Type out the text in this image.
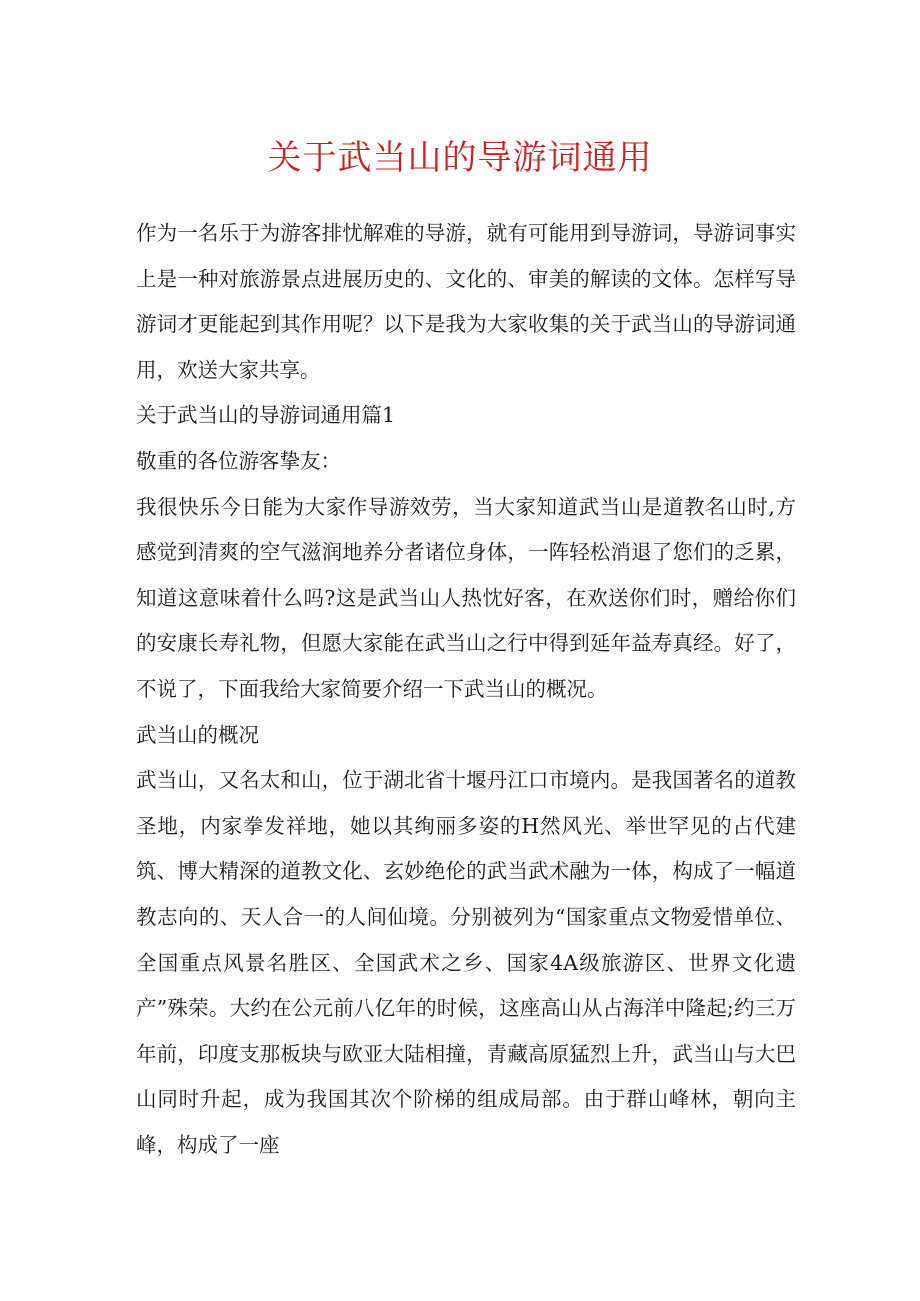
关于武当山的导游词通用

作为一名乐于为游客排忧解难的导游，就有可能用到导游词，导游词事实上是一种对旅游景点进展历史的、文化的、审美的解读的文体。怎样写导游词才更能起到其作用呢？以下是我为大家收集的关于武当山的导游词通用，欢送大家共享。

关于武当山的导游词通用篇1

敬重的各位游客挚友：

我很快乐今日能为大家作导游效劳，当大家知道武当山是道教名山时,方感觉到清爽的空气滋润地养分者诸位身体，一阵轻松消退了您们的乏累，知道这意味着什么吗?这是武当山人热忱好客，在欢送你们时，赠给你们的安康长寿礼物，但愿大家能在武当山之行中得到延年益寿真经。好了，不说了，下面我给大家简要介绍一下武当山的概况。

武当山的概况

武当山，又名太和山，位于湖北省十堰丹江口市境内。是我国著名的道教圣地，内家拳发祥地，她以其绚丽多姿的H然风光、举世罕见的占代建筑、博大精深的道教文化、玄妙绝伦的武当武术融为一体，构成了一幅道教志向的、天人合一的人间仙境。分别被列为“国家重点文物爱惜单位、全国重点风景名胜区、全国武术之乡、国家4A级旅游区、世界文化遗产”殊荣。大约在公元前八亿年的时候，这座高山从占海洋中隆起;约三万年前，印度支那板块与欧亚大陆相撞，青藏高原猛烈上升，武当山与大巴山同时升起，成为我国其次个阶梯的组成局部。由于群山峰林，朝向主峰，构成了一座
